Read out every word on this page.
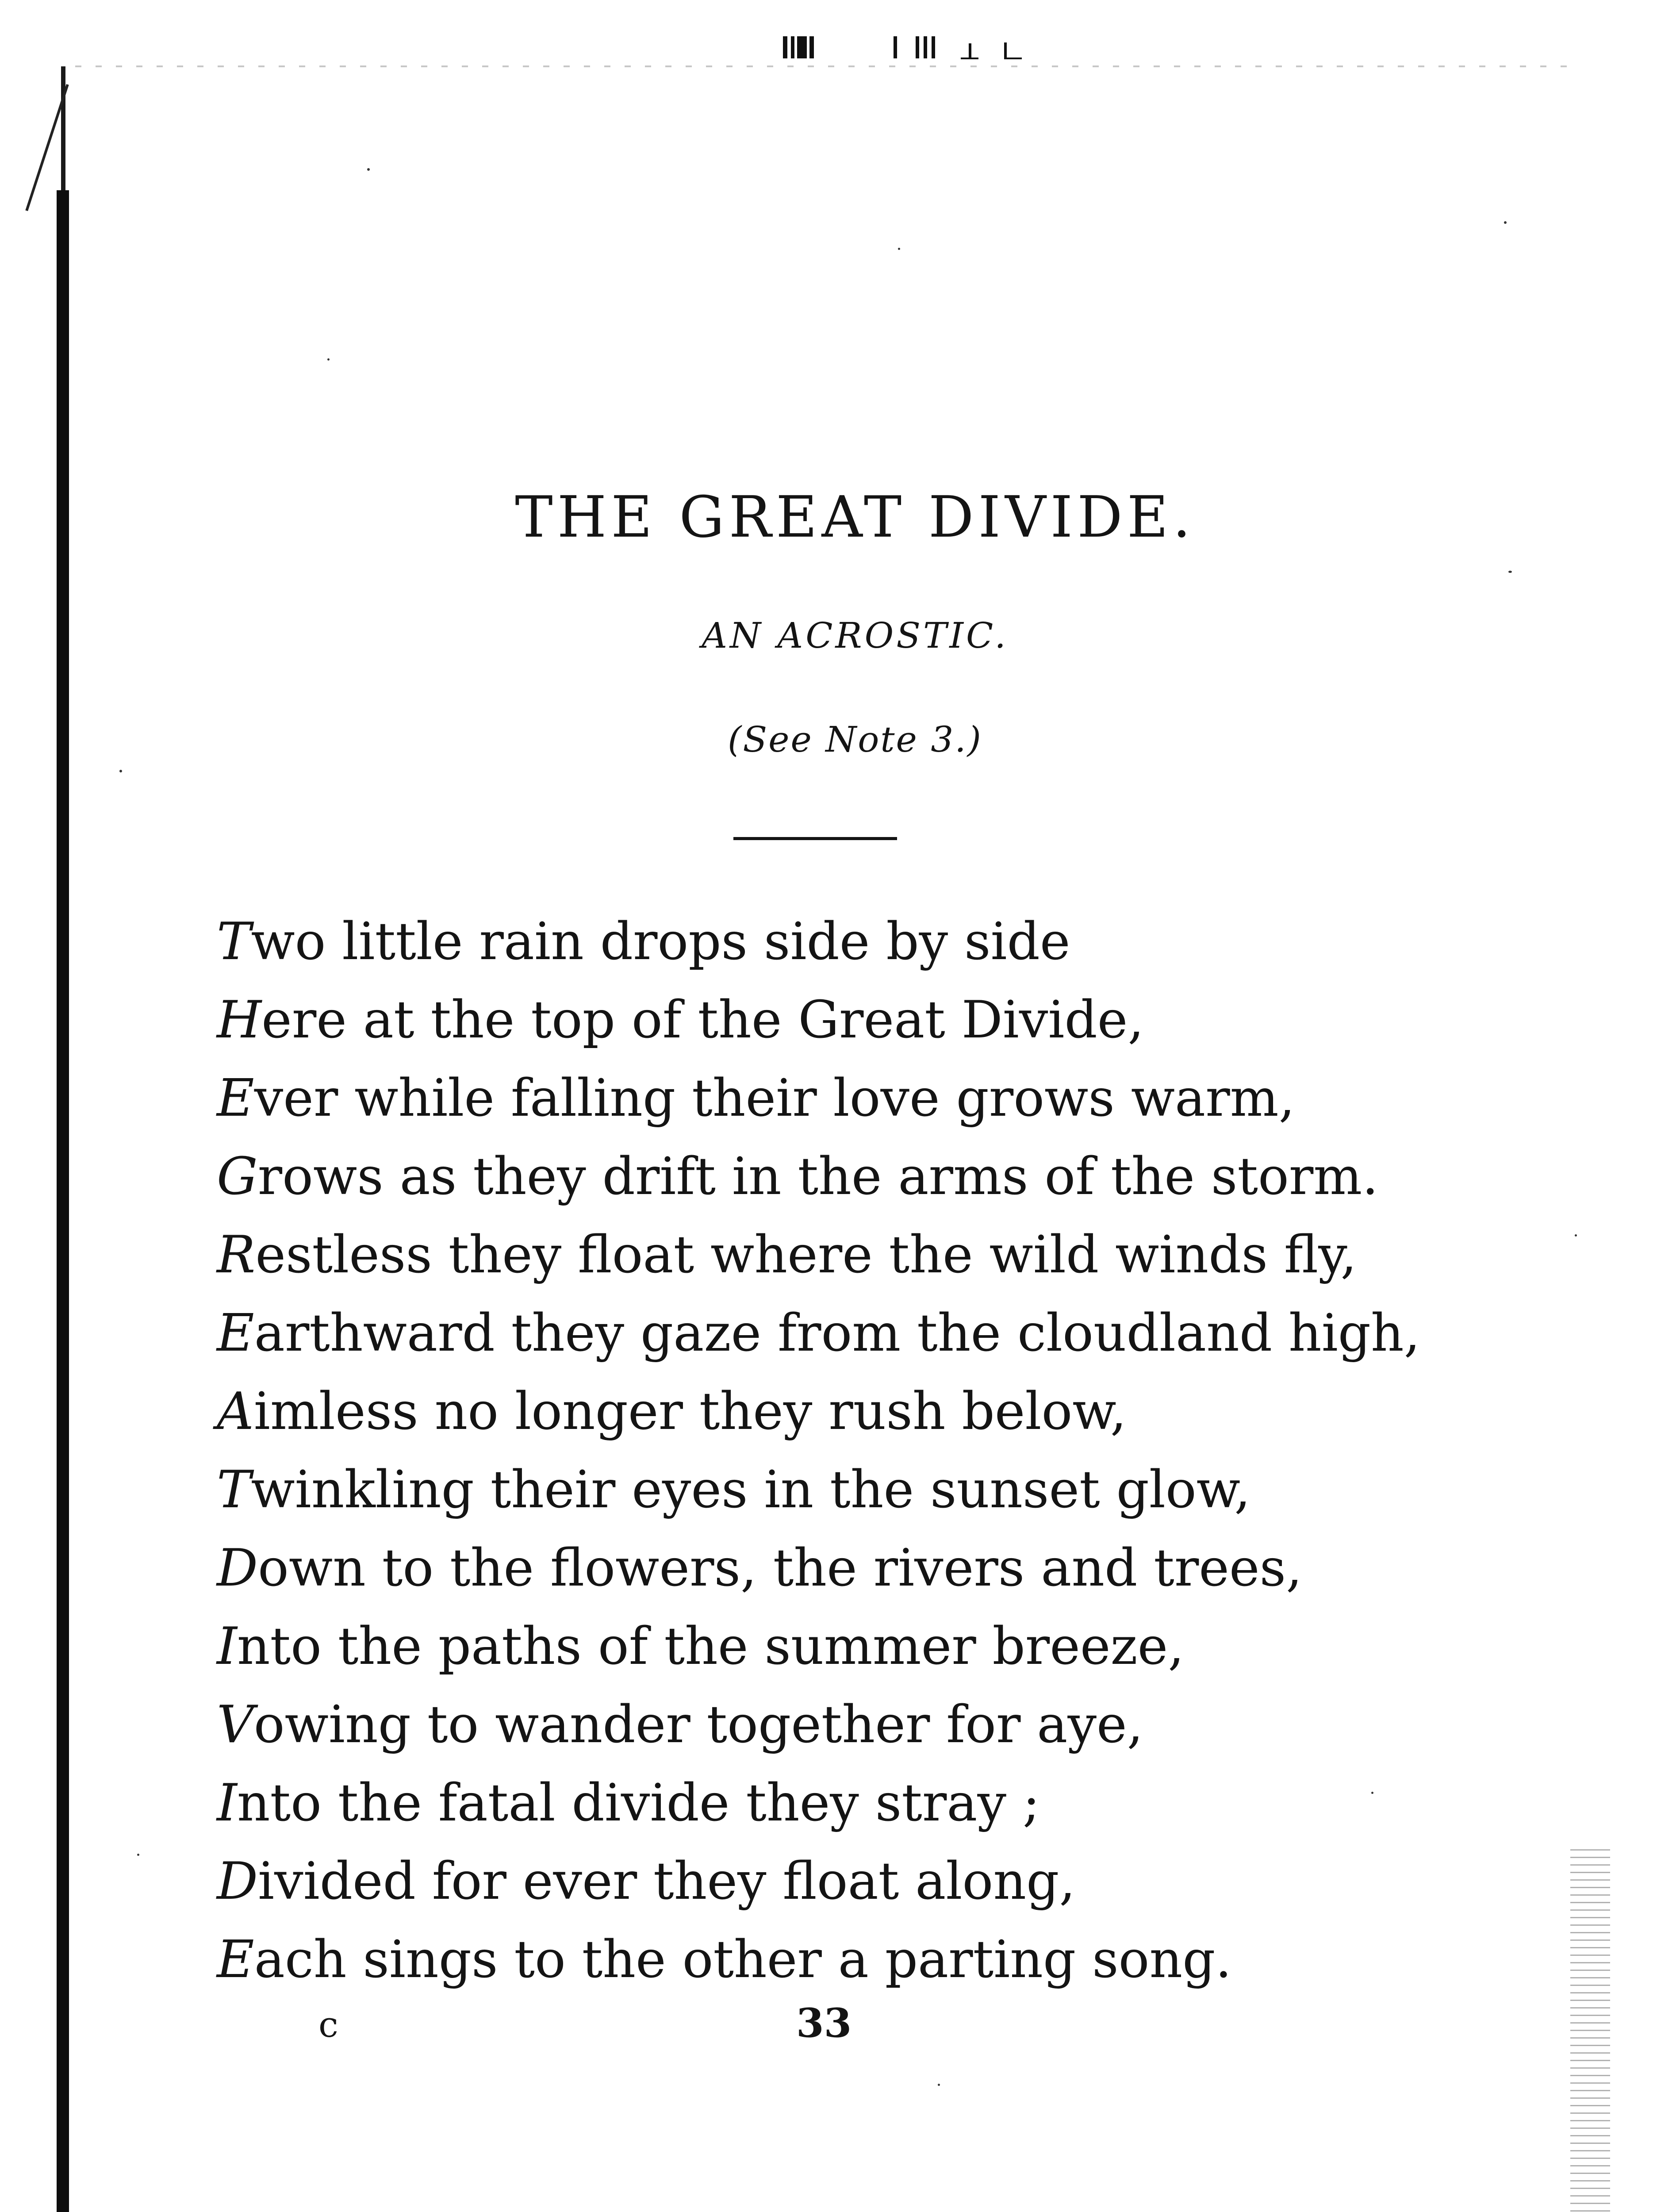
THE GREAT DIVIDE.

AN ACROSTIC.

(See Note 3.)

Two little rain drops side by side
Here at the top of the Great Divide,
Ever while falling their love grows warm,
Grows as they drift in the arms of the storm.
Restless they float where the wild winds fly,
Earthward they gaze from the cloudland high,
Aimless no longer they rush below,
Twinkling their eyes in the sunset glow,
Down to the flowers, the rivers and trees,
Into the paths of the summer breeze,
Vowing to wander together for aye,
Into the fatal divide they stray ;
Divided for ever they float along,
Each sings to the other a parting song.
c	33
